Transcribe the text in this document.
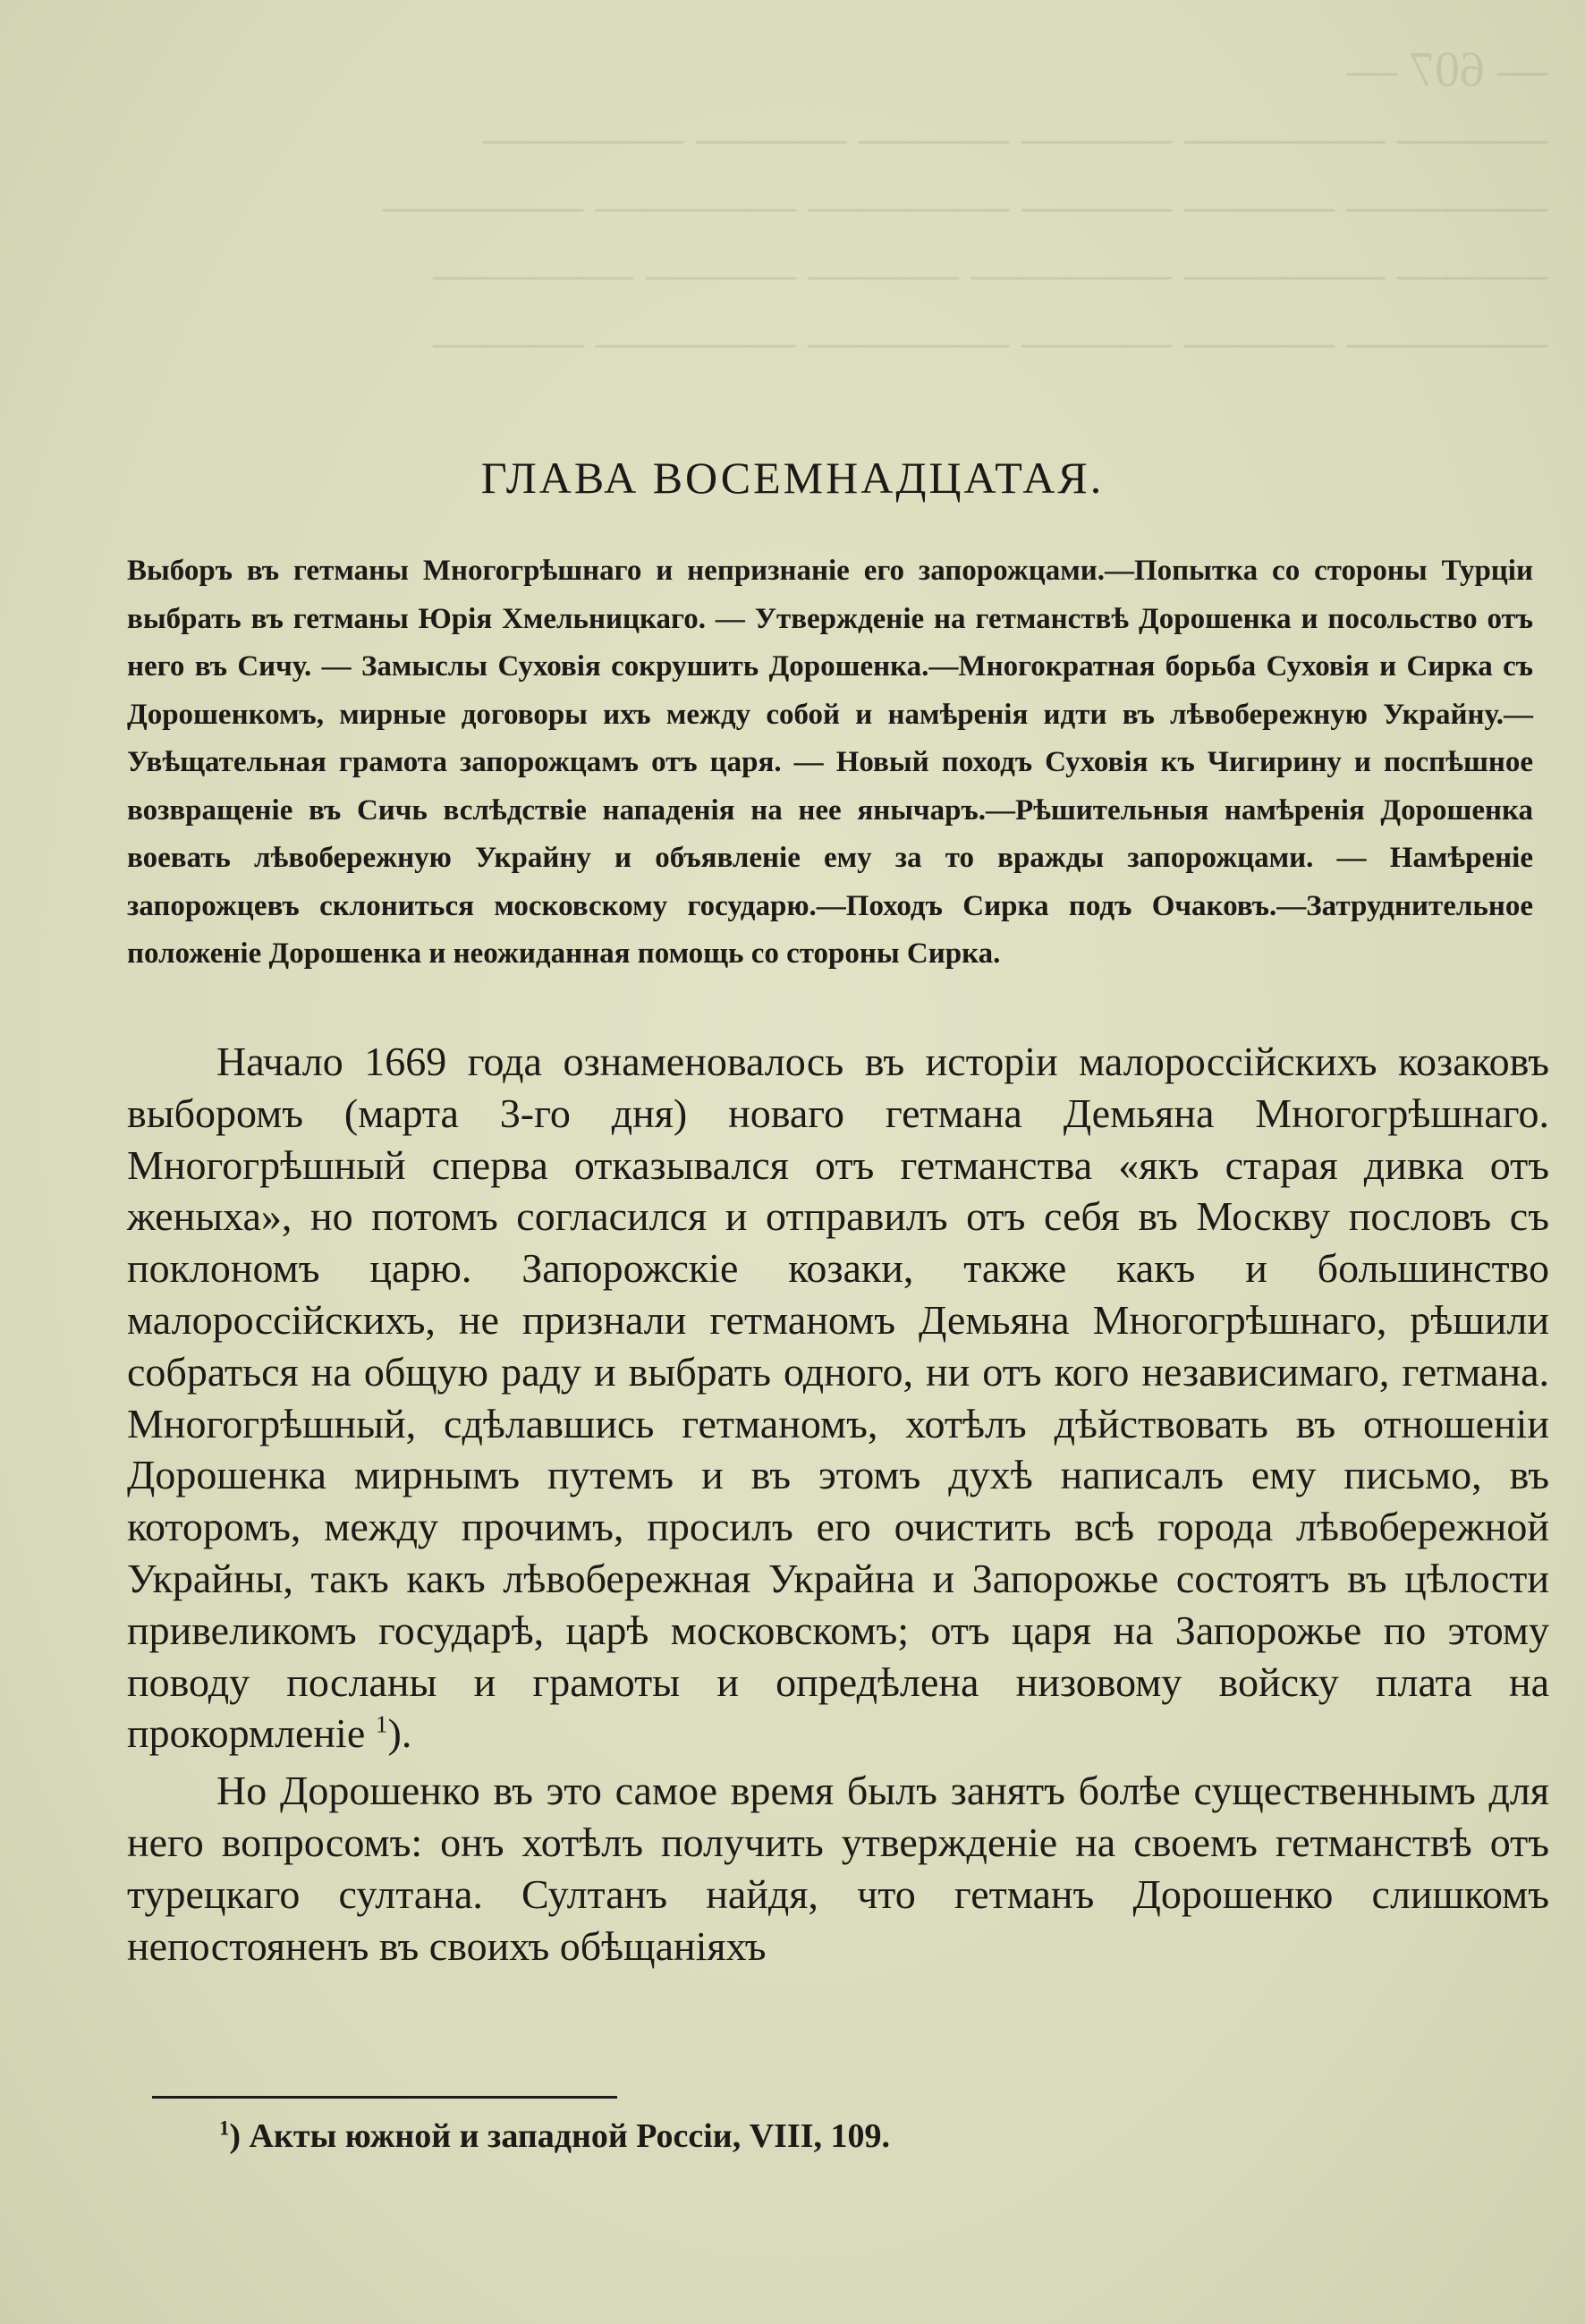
— 607 —
——— ———— ——— ——— ——— ————
———— ——— ——— ———— ———— ————
——— ———— ———— ——— ——— ————
———— ——— ——— ———— ———— ———
ГЛАВА ВОСЕМНАДЦАТАЯ.

Выборъ въ гетманы Многогрѣшнаго и непризнаніе его запорожцами.—Попытка со стороны Турціи выбрать въ гетманы Юрія Хмельницкаго. — Утвержденіе на гетманствѣ Дорошенка и посольство отъ него въ Сичу. — Замыслы Суховія сокрушить Дорошенка.—Многократная борьба Суховія и Сирка съ Дорошенкомъ, мирные договоры ихъ между собой и намѣренія идти въ лѣвобережную Украйну.—Увѣщательная грамота запорожцамъ отъ царя. — Новый походъ Суховія къ Чигирину и поспѣшное возвращеніе въ Сичь вслѣдствіе нападенія на нее янычаръ.—Рѣшительныя намѣренія Дорошенка воевать лѣвобережную Украйну и объявленіе ему за то вражды запорожцами. — Намѣреніе запорожцевъ склониться московскому государю.—Походъ Сирка подъ Очаковъ.—Затруднительное положеніе Дорошенка и неожиданная помощь со стороны Сирка.

Начало 1669 года ознаменовалось въ исторіи малороссійскихъ козаковъ выборомъ (марта 3-го дня) новаго гетмана Демьяна Многогрѣшнаго. Многогрѣшный сперва отказывался отъ гетманства «якъ старая дивка отъ женыха», но потомъ согласился и отправилъ отъ себя въ Москву пословъ съ поклономъ царю. Запорожскіе козаки, также какъ и большинство малороссійскихъ, не признали гетманомъ Демьяна Многогрѣшнаго, рѣшили собраться на общую раду и выбрать одного, ни отъ кого независимаго, гетмана. Многогрѣшный, сдѣлавшись гетманомъ, хотѣлъ дѣйствовать въ отношеніи Дорошенка мирнымъ путемъ и въ этомъ духѣ написалъ ему письмо, въ которомъ, между прочимъ, просилъ его очистить всѣ города лѣвобережной Украйны, такъ какъ лѣвобережная Украйна и Запорожье состоятъ въ цѣлости привеликомъ государѣ, царѣ московскомъ; отъ царя на Запорожье по этому поводу посланы и грамоты и опредѣлена низовому войску плата на прокормленіе $^1$).

Но Дорошенко въ это самое время былъ занятъ болѣе существеннымъ для него вопросомъ: онъ хотѣлъ получить утвержденіе на своемъ гетманствѣ отъ турецкаго султана. Султанъ найдя, что гетманъ Дорошенко слишкомъ непостояненъ въ своихъ обѣщаніяхъ

$^1$) Акты южной и западной Россіи, VIII, 109.
